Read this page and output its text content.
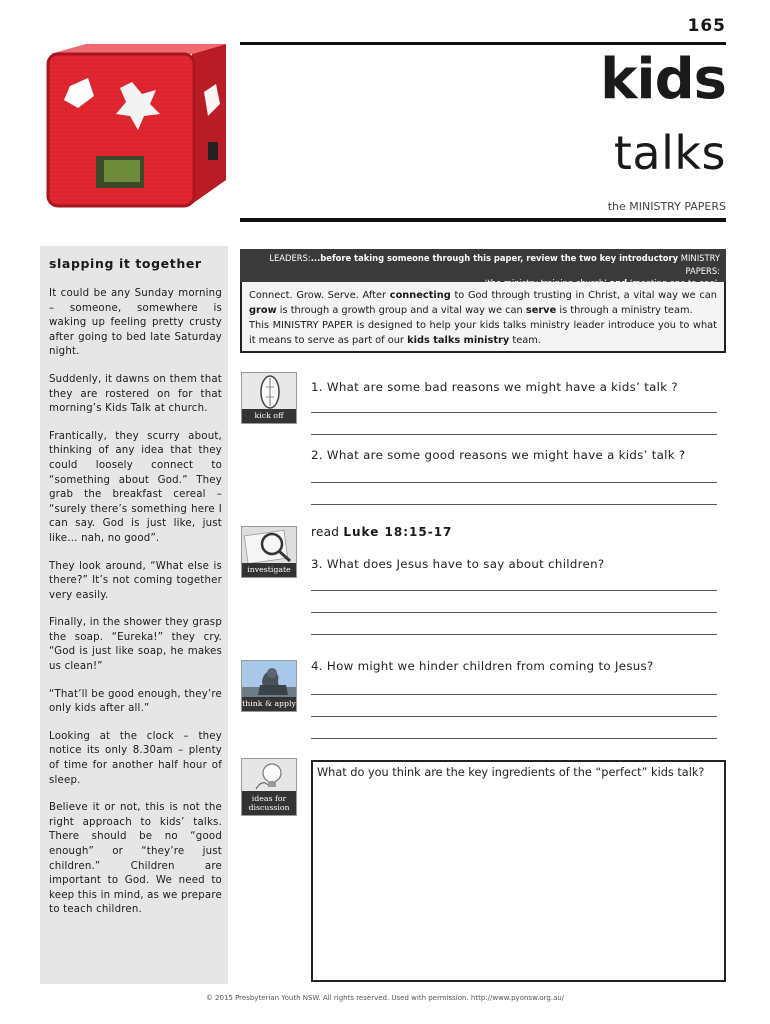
165
kids
talks
the MINISTRY PAPERS
slapping it together

It could be any Sunday morning – someone, somewhere is waking up feeling pretty crusty after going to bed late Saturday night.

Suddenly, it dawns on them that they are rostered on for that morning’s Kids Talk at church.

Frantically, they scurry about, thinking of any idea that they could loosely connect to “something about God.” They grab the breakfast cereal – “surely there’s something here I can say. God is just like, just like… nah, no good”.

They look around, “What else is there?” It’s not coming together very easily.

Finally, in the shower they grasp the soap. “Eureka!” they cry. “God is just like soap, he makes us clean!”

“That’ll be good enough, they’re only kids after all.”

Looking at the clock – they notice its only 8.30am – plenty of time for another half hour of sleep.

Believe it or not, this is not the right approach to kids’ talks. There should be no “good enough” or “they’re just children.” Children are important to God. We need to keep this in mind, as we prepare to teach children.

LEADERS:...before taking someone through this paper, review the two key introductory MINISTRY PAPERS:
Connect. Grow. Serve. After connecting to God through trusting in Christ, a vital way we can grow is through a growth group and a vital way we can serve is through a ministry team.
This MINISTRY PAPER is designed to help your kids talks ministry leader introduce you to what it means to serve as part of our kids talks ministry team.
kick off
1. What are some bad reasons we might have a kids’ talk ?
2. What are some good reasons we might have a kids’ talk ?
investigate
read Luke 18:15-17
3. What does Jesus have to say about children?
think & apply
4. How might we hinder children from coming to Jesus?
ideas for
discussion
What do you think are the key ingredients of the “perfect” kids talk?
© 2015 Presbyterian Youth NSW. All rights reserved. Used with permission. http://www.pyonsw.org.au/
